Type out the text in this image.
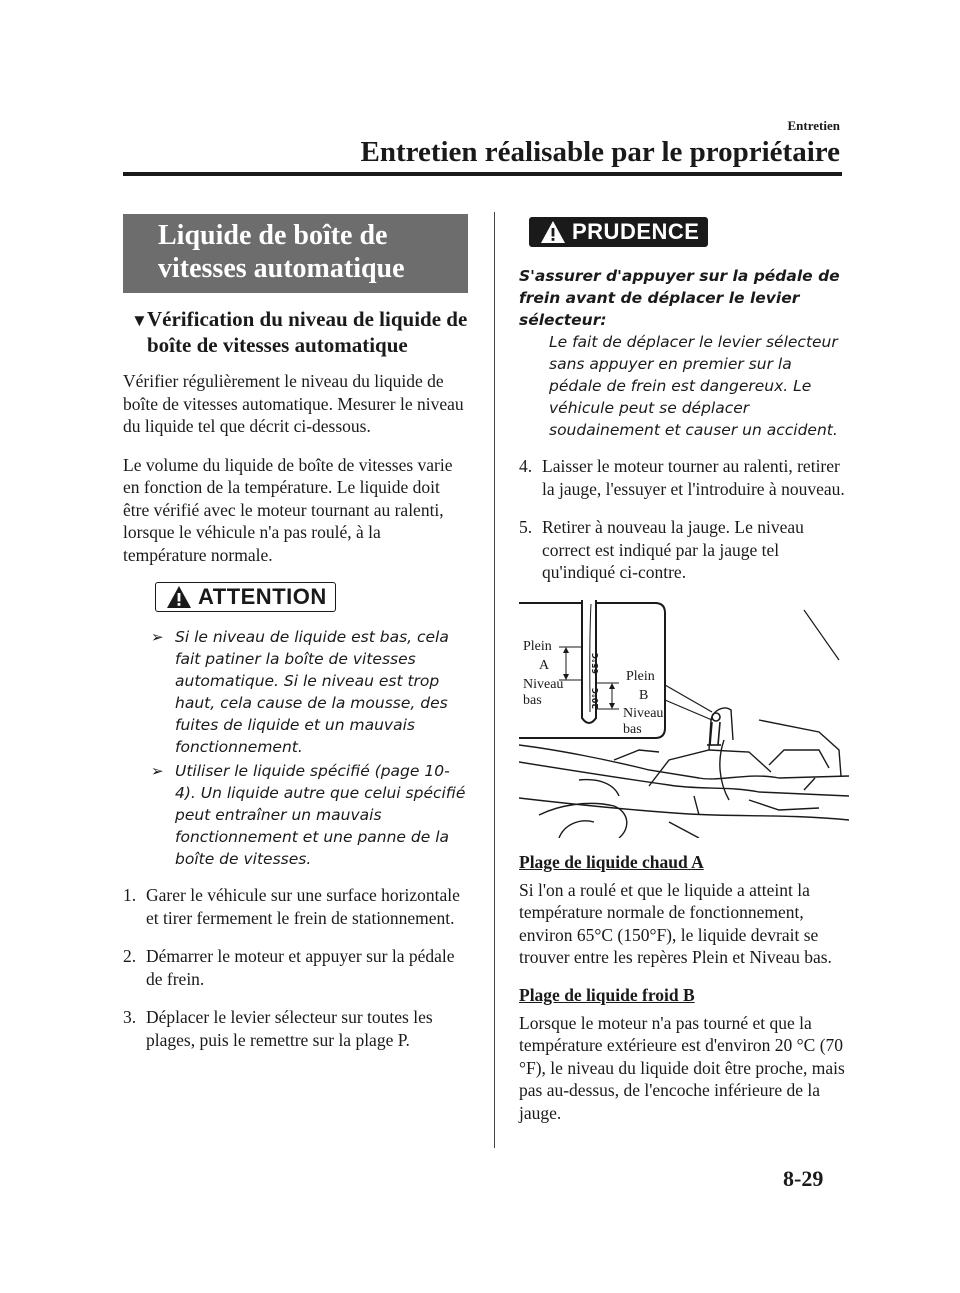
Entretien
Entretien réalisable par le propriétaire
Liquide de boîte de vitesses automatique
▼Vérification du niveau de liquide de boîte de vitesses automatique

Vérifier régulièrement le niveau du liquide de boîte de vitesses automatique. Mesurer le niveau du liquide tel que décrit ci-dessous.

Le volume du liquide de boîte de vitesses varie en fonction de la température. Le liquide doit être vérifié avec le moteur tournant au ralenti, lorsque le véhicule n'a pas roulé, à la température normale.

ATTENTION
➢ Si le niveau de liquide est bas, cela fait patiner la boîte de vitesses automatique. Si le niveau est trop haut, cela cause de la mousse, des fuites de liquide et un mauvais fonctionnement.
➢ Utiliser le liquide spécifié (page 10-4). Un liquide autre que celui spécifié peut entraîner un mauvais fonctionnement et une panne de la boîte de vitesses.
1. Garer le véhicule sur une surface horizontale et tirer fermement le frein de stationnement.
2. Démarrer le moteur et appuyer sur la pédale de frein.
3. Déplacer le levier sélecteur sur toutes les plages, puis le remettre sur la plage P.
PRUDENCE
S'assurer d'appuyer sur la pédale de frein avant de déplacer le levier sélecteur:
Le fait de déplacer le levier sélecteur sans appuyer en premier sur la pédale de frein est dangereux. Le véhicule peut se déplacer soudainement et causer un accident.
4. Laisser le moteur tourner au ralenti, retirer la jauge, l'essuyer et l'introduire à nouveau.
5. Retirer à nouveau la jauge. Le niveau correct est indiqué par la jauge tel qu'indiqué ci-contre.
65°C
20°C
Plein
A
Niveau
bas
Plein
B
Niveau
bas
Plage de liquide chaud A

Si l'on a roulé et que le liquide a atteint la température normale de fonctionnement, environ 65°C (150°F), le liquide devrait se trouver entre les repères Plein et Niveau bas.

Plage de liquide froid B

Lorsque le moteur n'a pas tourné et que la température extérieure est d'environ 20 °C (70 °F), le niveau du liquide doit être proche, mais pas au-dessus, de l'encoche inférieure de la jauge.

8-29
